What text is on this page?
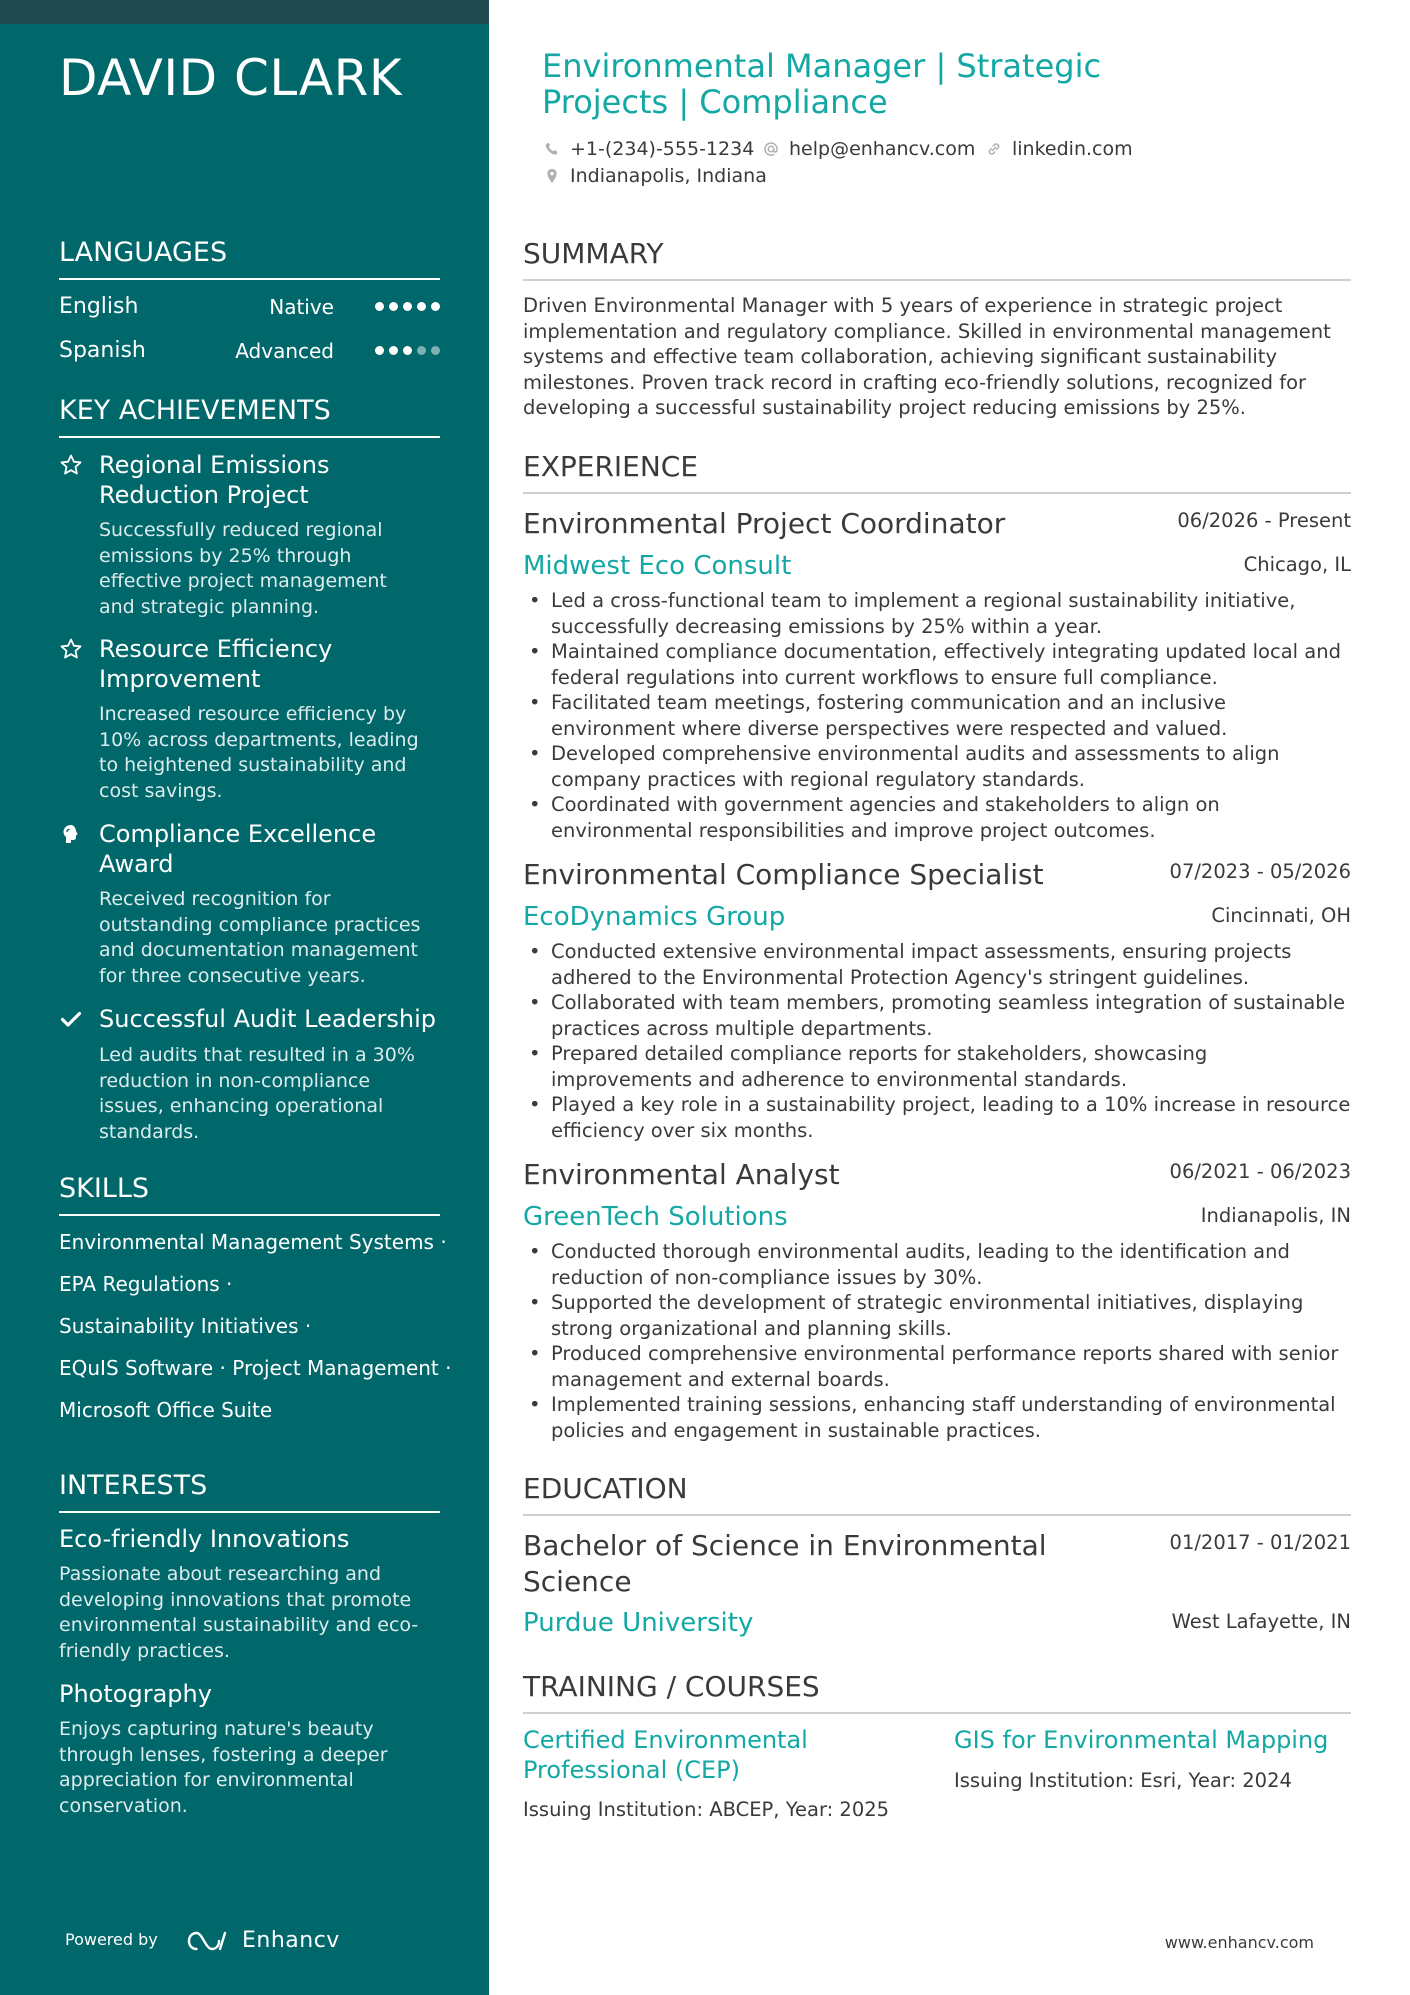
DAVID CLARK
LANGUAGES
English	Native
Spanish	Advanced
KEY ACHIEVEMENTS
Regional Emissions
Reduction Project
Successfully reduced regional
emissions by 25% through
effective project management
and strategic planning.
Resource Efficiency
Improvement
Increased resource efficiency by
10% across departments, leading
to heightened sustainability and
cost savings.
Compliance Excellence
Award
Received recognition for
outstanding compliance practices
and documentation management
for three consecutive years.
Successful Audit Leadership
Led audits that resulted in a 30%
reduction in non-compliance
issues, enhancing operational
standards.
SKILLS
Environmental Management Systems ·
EPA Regulations ·
Sustainability Initiatives ·
EQuIS Software · Project Management ·
Microsoft Office Suite
INTERESTS
Eco-friendly Innovations
Passionate about researching and
developing innovations that promote
environmental sustainability and eco-
friendly practices.
Photography
Enjoys capturing nature's beauty
through lenses, fostering a deeper
appreciation for environmental
conservation.
Powered by	Enhancv
Environmental Manager | Strategic Projects | Compliance
+1-(234)-555-1234 help@enhancv.com linkedin.com
Indianapolis, Indiana
SUMMARY
Driven Environmental Manager with 5 years of experience in strategic project
implementation and regulatory compliance. Skilled in environmental management
systems and effective team collaboration, achieving significant sustainability
milestones. Proven track record in crafting eco-friendly solutions, recognized for
developing a successful sustainability project reducing emissions by 25%.
EXPERIENCE
Environmental Project Coordinator	06/2026 - Present
Midwest Eco Consult	Chicago, IL
• Led a cross-functional team to implement a regional sustainability initiative,
successfully decreasing emissions by 25% within a year.
• Maintained compliance documentation, effectively integrating updated local and
federal regulations into current workflows to ensure full compliance.
• Facilitated team meetings, fostering communication and an inclusive
environment where diverse perspectives were respected and valued.
• Developed comprehensive environmental audits and assessments to align
company practices with regional regulatory standards.
• Coordinated with government agencies and stakeholders to align on
environmental responsibilities and improve project outcomes.
Environmental Compliance Specialist	07/2023 - 05/2026
EcoDynamics Group	Cincinnati, OH
• Conducted extensive environmental impact assessments, ensuring projects
adhered to the Environmental Protection Agency's stringent guidelines.
• Collaborated with team members, promoting seamless integration of sustainable
practices across multiple departments.
• Prepared detailed compliance reports for stakeholders, showcasing
improvements and adherence to environmental standards.
• Played a key role in a sustainability project, leading to a 10% increase in resource
efficiency over six months.
Environmental Analyst	06/2021 - 06/2023
GreenTech Solutions	Indianapolis, IN
• Conducted thorough environmental audits, leading to the identification and
reduction of non-compliance issues by 30%.
• Supported the development of strategic environmental initiatives, displaying
strong organizational and planning skills.
• Produced comprehensive environmental performance reports shared with senior
management and external boards.
• Implemented training sessions, enhancing staff understanding of environmental
policies and engagement in sustainable practices.
EDUCATION
Bachelor of Science in Environmental
Science
01/2017 - 01/2021
Purdue University	West Lafayette, IN
TRAINING / COURSES
Certified Environmental
Professional (CEP)
Issuing Institution: ABCEP, Year: 2025
GIS for Environmental Mapping
Issuing Institution: Esri, Year: 2024
www.enhancv.com
